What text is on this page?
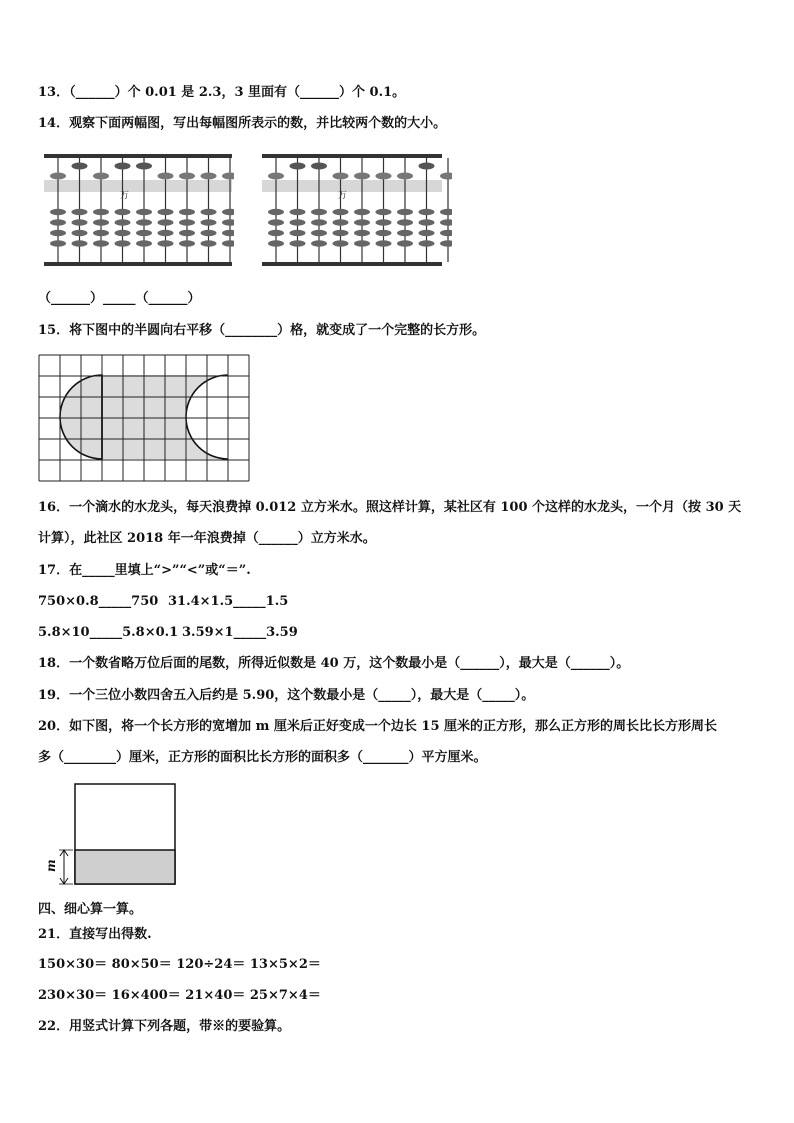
13．（______）个 0.01 是 2.3，3 里面有（______）个 0.1。
14．观察下面两幅图，写出每幅图所表示的数，并比较两个数的大小。
万	万
（______）_____（______）
15．将下图中的半圆向右平移（________）格，就变成了一个完整的长方形。
16．一个滴水的水龙头，每天浪费掉 0.012 立方米水。照这样计算，某社区有 100 个这样的水龙头，一个月（按 30 天
计算），此社区 2018 年一年浪费掉（______）立方米水。
17．在_____里填上“>”“<”或“＝”.
750×0.8_____750 31.4×1.5_____1.5
5.8×10_____5.8×0.1 3.59×1_____3.59
18．一个数省略万位后面的尾数，所得近似数是 40 万，这个数最小是（______），最大是（______）。
19．一个三位小数四舍五入后约是 5.90，这个数最小是（_____），最大是（_____）。
20．如下图，将一个长方形的宽增加 m 厘米后正好变成一个边长 15 厘米的正方形，那么正方形的周长比长方形周长
多（________）厘米，正方形的面积比长方形的面积多（_______）平方厘米。
m
四、细心算一算。
21．直接写出得数.
150×30＝ 80×50＝ 120÷24＝ 13×5×2＝
230×30＝ 16×400＝ 21×40＝ 25×7×4＝
22．用竖式计算下列各题，带※的要验算。
